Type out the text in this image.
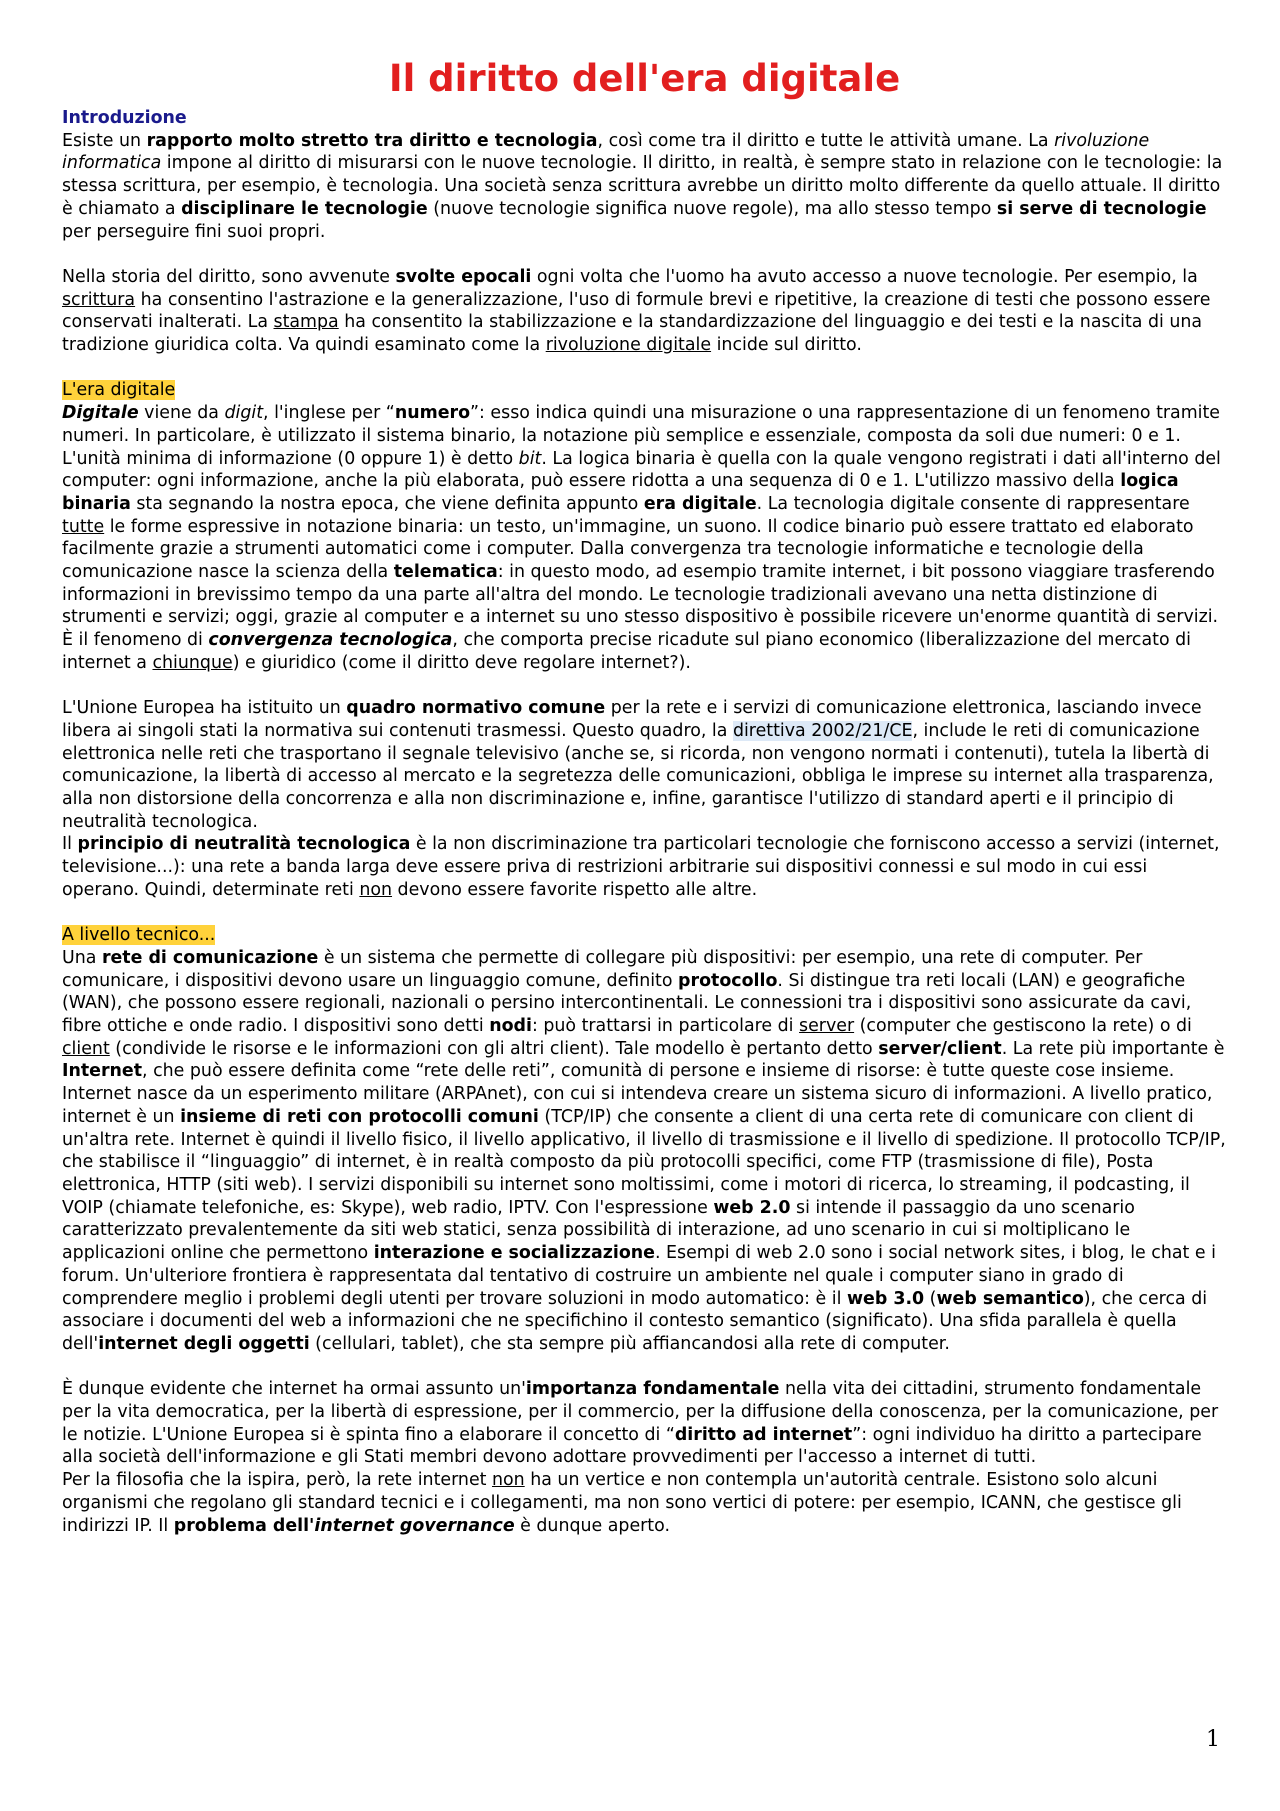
Il diritto dell'era digitale
Introduzione

Esiste un rapporto molto stretto tra diritto e tecnologia, così come tra il diritto e tutte le attività umane. La rivoluzione informatica impone al diritto di misurarsi con le nuove tecnologie. Il diritto, in realtà, è sempre stato in relazione con le tecnologie: la stessa scrittura, per esempio, è tecnologia. Una società senza scrittura avrebbe un diritto molto differente da quello attuale. Il diritto è chiamato a disciplinare le tecnologie (nuove tecnologie significa nuove regole), ma allo stesso tempo si serve di tecnologie per perseguire fini suoi propri.

Nella storia del diritto, sono avvenute svolte epocali ogni volta che l'uomo ha avuto accesso a nuove tecnologie. Per esempio, la scrittura ha consentino l'astrazione e la generalizzazione, l'uso di formule brevi e ripetitive, la creazione di testi che possono essere conservati inalterati. La stampa ha consentito la stabilizzazione e la standardizzazione del linguaggio e dei testi e la nascita di una tradizione giuridica colta. Va quindi esaminato come la rivoluzione digitale incide sul diritto.

L'era digitale

Digitale viene da digit, l'inglese per “numero”: esso indica quindi una misurazione o una rappresentazione di un fenomeno tramite numeri. In particolare, è utilizzato il sistema binario, la notazione più semplice e essenziale, composta da soli due numeri: 0 e 1. L'unità minima di informazione (0 oppure 1) è detto bit. La logica binaria è quella con la quale vengono registrati i dati all'interno del computer: ogni informazione, anche la più elaborata, può essere ridotta a una sequenza di 0 e 1. L'utilizzo massivo della logica binaria sta segnando la nostra epoca, che viene definita appunto era digitale. La tecnologia digitale consente di rappresentare tutte le forme espressive in notazione binaria: un testo, un'immagine, un suono. Il codice binario può essere trattato ed elaborato facilmente grazie a strumenti automatici come i computer. Dalla convergenza tra tecnologie informatiche e tecnologie della comunicazione nasce la scienza della telematica: in questo modo, ad esempio tramite internet, i bit possono viaggiare trasferendo informazioni in brevissimo tempo da una parte all'altra del mondo. Le tecnologie tradizionali avevano una netta distinzione di strumenti e servizi; oggi, grazie al computer e a internet su uno stesso dispositivo è possibile ricevere un'enorme quantità di servizi. È il fenomeno di convergenza tecnologica, che comporta precise ricadute sul piano economico (liberalizzazione del mercato di internet a chiunque) e giuridico (come il diritto deve regolare internet?).

L'Unione Europea ha istituito un quadro normativo comune per la rete e i servizi di comunicazione elettronica, lasciando invece libera ai singoli stati la normativa sui contenuti trasmessi. Questo quadro, la direttiva 2002/21/CE, include le reti di comunicazione elettronica nelle reti che trasportano il segnale televisivo (anche se, si ricorda, non vengono normati i contenuti), tutela la libertà di comunicazione, la libertà di accesso al mercato e la segretezza delle comunicazioni, obbliga le imprese su internet alla trasparenza, alla non distorsione della concorrenza e alla non discriminazione e, infine, garantisce l'utilizzo di standard aperti e il principio di neutralità tecnologica.

Il principio di neutralità tecnologica è la non discriminazione tra particolari tecnologie che forniscono accesso a servizi (internet, televisione...): una rete a banda larga deve essere priva di restrizioni arbitrarie sui dispositivi connessi e sul modo in cui essi operano. Quindi, determinate reti non devono essere favorite rispetto alle altre.

A livello tecnico...

Una rete di comunicazione è un sistema che permette di collegare più dispositivi: per esempio, una rete di computer. Per comunicare, i dispositivi devono usare un linguaggio comune, definito protocollo. Si distingue tra reti locali (LAN) e geografiche (WAN), che possono essere regionali, nazionali o persino intercontinentali. Le connessioni tra i dispositivi sono assicurate da cavi, fibre ottiche e onde radio. I dispositivi sono detti nodi: può trattarsi in particolare di server (computer che gestiscono la rete) o di client (condivide le risorse e le informazioni con gli altri client). Tale modello è pertanto detto server/client. La rete più importante è Internet, che può essere definita come “rete delle reti”, comunità di persone e insieme di risorse: è tutte queste cose insieme. Internet nasce da un esperimento militare (ARPAnet), con cui si intendeva creare un sistema sicuro di informazioni. A livello pratico, internet è un insieme di reti con protocolli comuni (TCP/IP) che consente a client di una certa rete di comunicare con client di un'altra rete. Internet è quindi il livello fisico, il livello applicativo, il livello di trasmissione e il livello di spedizione. Il protocollo TCP/IP, che stabilisce il “linguaggio” di internet, è in realtà composto da più protocolli specifici, come FTP (trasmissione di file), Posta elettronica, HTTP (siti web). I servizi disponibili su internet sono moltissimi, come i motori di ricerca, lo streaming, il podcasting, il VOIP (chiamate telefoniche, es: Skype), web radio, IPTV. Con l'espressione web 2.0 si intende il passaggio da uno scenario caratterizzato prevalentemente da siti web statici, senza possibilità di interazione, ad uno scenario in cui si moltiplicano le applicazioni online che permettono interazione e socializzazione. Esempi di web 2.0 sono i social network sites, i blog, le chat e i forum. Un'ulteriore frontiera è rappresentata dal tentativo di costruire un ambiente nel quale i computer siano in grado di comprendere meglio i problemi degli utenti per trovare soluzioni in modo automatico: è il web 3.0 (web semantico), che cerca di associare i documenti del web a informazioni che ne specifichino il contesto semantico (significato). Una sfida parallela è quella dell'internet degli oggetti (cellulari, tablet), che sta sempre più affiancandosi alla rete di computer.

È dunque evidente che internet ha ormai assunto un'importanza fondamentale nella vita dei cittadini, strumento fondamentale per la vita democratica, per la libertà di espressione, per il commercio, per la diffusione della conoscenza, per la comunicazione, per le notizie. L'Unione Europea si è spinta fino a elaborare il concetto di “diritto ad internet”: ogni individuo ha diritto a partecipare alla società dell'informazione e gli Stati membri devono adottare provvedimenti per l'accesso a internet di tutti.

Per la filosofia che la ispira, però, la rete internet non ha un vertice e non contempla un'autorità centrale. Esistono solo alcuni organismi che regolano gli standard tecnici e i collegamenti, ma non sono vertici di potere: per esempio, ICANN, che gestisce gli indirizzi IP. Il problema dell'internet governance è dunque aperto.

1
